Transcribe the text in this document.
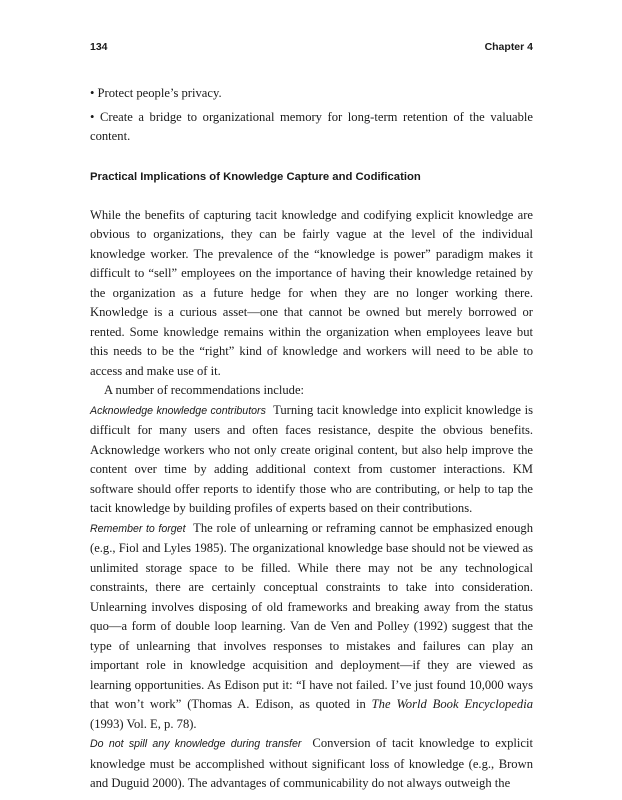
134	Chapter 4

• Protect people’s privacy.

• Create a bridge to organizational memory for long-term retention of the valuable content.

Practical Implications of Knowledge Capture and Codification

While the benefits of capturing tacit knowledge and codifying explicit knowledge are obvious to organizations, they can be fairly vague at the level of the individual knowledge worker. The prevalence of the “knowledge is power” paradigm makes it difficult to “sell” employees on the importance of having their knowledge retained by the organization as a future hedge for when they are no longer working there. Knowledge is a curious asset—one that cannot be owned but merely borrowed or rented. Some knowledge remains within the organization when employees leave but this needs to be the “right” kind of knowledge and workers will need to be able to access and make use of it.

A number of recommendations include:

Acknowledge knowledge contributors Turning tacit knowledge into explicit knowledge is difficult for many users and often faces resistance, despite the obvious benefits. Acknowledge workers who not only create original content, but also help improve the content over time by adding additional context from customer interactions. KM software should offer reports to identify those who are contributing, or help to tap the tacit knowledge by building profiles of experts based on their contributions.

Remember to forget The role of unlearning or reframing cannot be emphasized enough (e.g., Fiol and Lyles 1985). The organizational knowledge base should not be viewed as unlimited storage space to be filled. While there may not be any technological constraints, there are certainly conceptual constraints to take into consideration. Unlearning involves disposing of old frameworks and breaking away from the status quo—a form of double loop learning. Van de Ven and Polley (1992) suggest that the type of unlearning that involves responses to mistakes and failures can play an important role in knowledge acquisition and deployment—if they are viewed as learning opportunities. As Edison put it: “I have not failed. I’ve just found 10,000 ways that won’t work” (Thomas A. Edison, as quoted in The World Book Encyclopedia (1993) Vol. E, p. 78).

Do not spill any knowledge during transfer Conversion of tacit knowledge to explicit knowledge must be accomplished without significant loss of knowledge (e.g., Brown and Duguid 2000). The advantages of communicability do not always outweigh the
